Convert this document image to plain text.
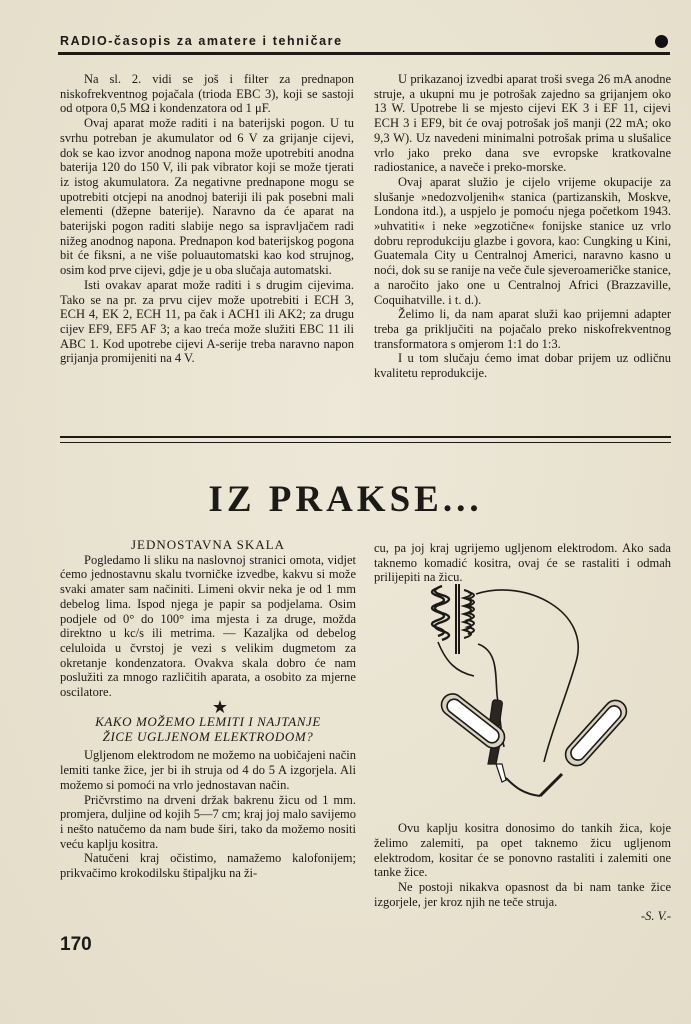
RADIO-časopis za amatere i tehničare

Na sl. 2. vidi se još i filter za prednapon niskofrekventnog pojačala (trioda EBC 3), koji se sastoji od otpora 0,5 MΩ i kondenzatora od 1 μF.

Ovaj aparat može raditi i na baterijski pogon. U tu svrhu potreban je akumulator od 6 V za grijanje cijevi, dok se kao izvor anodnog napona može upotrebiti anodna baterija 120 do 150 V, ili pak vibrator koji se može tjerati iz istog akumulatora. Za negativne prednapone mogu se upotrebiti otcjepi na anodnoj bateriji ili pak posebni mali elementi (džepne baterije). Naravno da će aparat na baterijski pogon raditi slabije nego sa ispravljačem radi nižeg anodnog napona. Prednapon kod baterijskog pogona bit će fiksni, a ne više poluautomatski kao kod strujnog, osim kod prve cijevi, gdje je u oba slučaja automatski.

Isti ovakav aparat može raditi i s drugim cijevima. Tako se na pr. za prvu cijev može upotrebiti i ECH 3, ECH 4, EK 2, ECH 11, pa čak i ACH1 ili AK2; za drugu cijev EF9, EF5 AF 3; a kao treća može služiti EBC 11 ili ABC 1. Kod upotrebe cijevi A-serije treba naravno napon grijanja promijeniti na 4 V.

U prikazanoj izvedbi aparat troši svega 26 mA anodne struje, a ukupni mu je potrošak zajedno sa grijanjem oko 13 W. Upotrebe li se mjesto cijevi EK 3 i EF 11, cijevi ECH 3 i EF9, bit će ovaj potrošak još manji (22 mA; oko 9,3 W). Uz navedeni minimalni potrošak prima u slušalice vrlo jako preko dana sve evropske kratkovalne radiostanice, a naveče i preko-morske.

Ovaj aparat služio je cijelo vrijeme okupacije za slušanje »nedozvoljenih« stanica (partizanskih, Moskve, Londona itd.), a uspjelo je pomoću njega početkom 1943. »uhvatiti« i neke »egzotične« fonijske stanice uz vrlo dobru reprodukciju glazbe i govora, kao: Cungking u Kini, Guatemala City u Centralnoj Americi, naravno kasno u noći, dok su se ranije na veče čule sjeveroameričke stanice, a naročito jako one u Centralnoj Africi (Brazzaville, Coquihatville. i t. d.).

Želimo li, da nam aparat služi kao prijemni adapter treba ga priključiti na pojačalo preko niskofrekventnog transformatora s omjerom 1:1 do 1:3.

I u tom slučaju ćemo imat dobar prijem uz odličnu kvalitetu reprodukcije.

IZ PRAKSE...

JEDNOSTAVNA SKALA

Pogledamo li sliku na naslovnoj stranici omota, vidjet ćemo jednostavnu skalu tvorničke izvedbe, kakvu si može svaki amater sam načiniti. Limeni okvir neka je od 1 mm debelog lima. Ispod njega je papir sa podjelama. Osim podjele od 0° do 100° ima mjesta i za druge, možda direktno u kc/s ili metrima. — Kazaljka od debelog celuloida u čvrstoj je vezi s velikim dugmetom za okretanje kondenzatora. Ovakva skala dobro će nam poslužiti za mnogo različitih aparata, a osobito za mjerne oscilatore.

★

KAKO MOŽEMO LEMITI I NAJTANJE
ŽICE UGLJENOM ELEKTRODOM?

Ugljenom elektrodom ne možemo na uobičajeni način lemiti tanke žice, jer bi ih struja od 4 do 5 A izgorjela. Ali možemo si pomoći na vrlo jednostavan način.

Pričvrstimo na drveni držak bakrenu žicu od 1 mm. promjera, duljine od kojih 5—7 cm; kraj joj malo savijemo i nešto natučemo da nam bude širi, tako da možemo nositi veću kaplju kositra.

Natučeni kraj očistimo, namažemo kalofonijem; prikvačimo krokodilsku štipaljku na ži-

cu, pa joj kraj ugrijemo ugljenom elektrodom. Ako sada taknemo komadić kositra, ovaj će se rastaliti i odmah prilijepiti na žicu.

Ovu kaplju kositra donosimo do tankih žica, koje želimo zalemiti, pa opet taknemo žicu ugljenom elektrodom, kositar će se ponovno rastaliti i zalemiti one tanke žice.

Ne postoji nikakva opasnost da bi nam tanke žice izgorjele, jer kroz njih ne teče struja.

-S. V.-

170
